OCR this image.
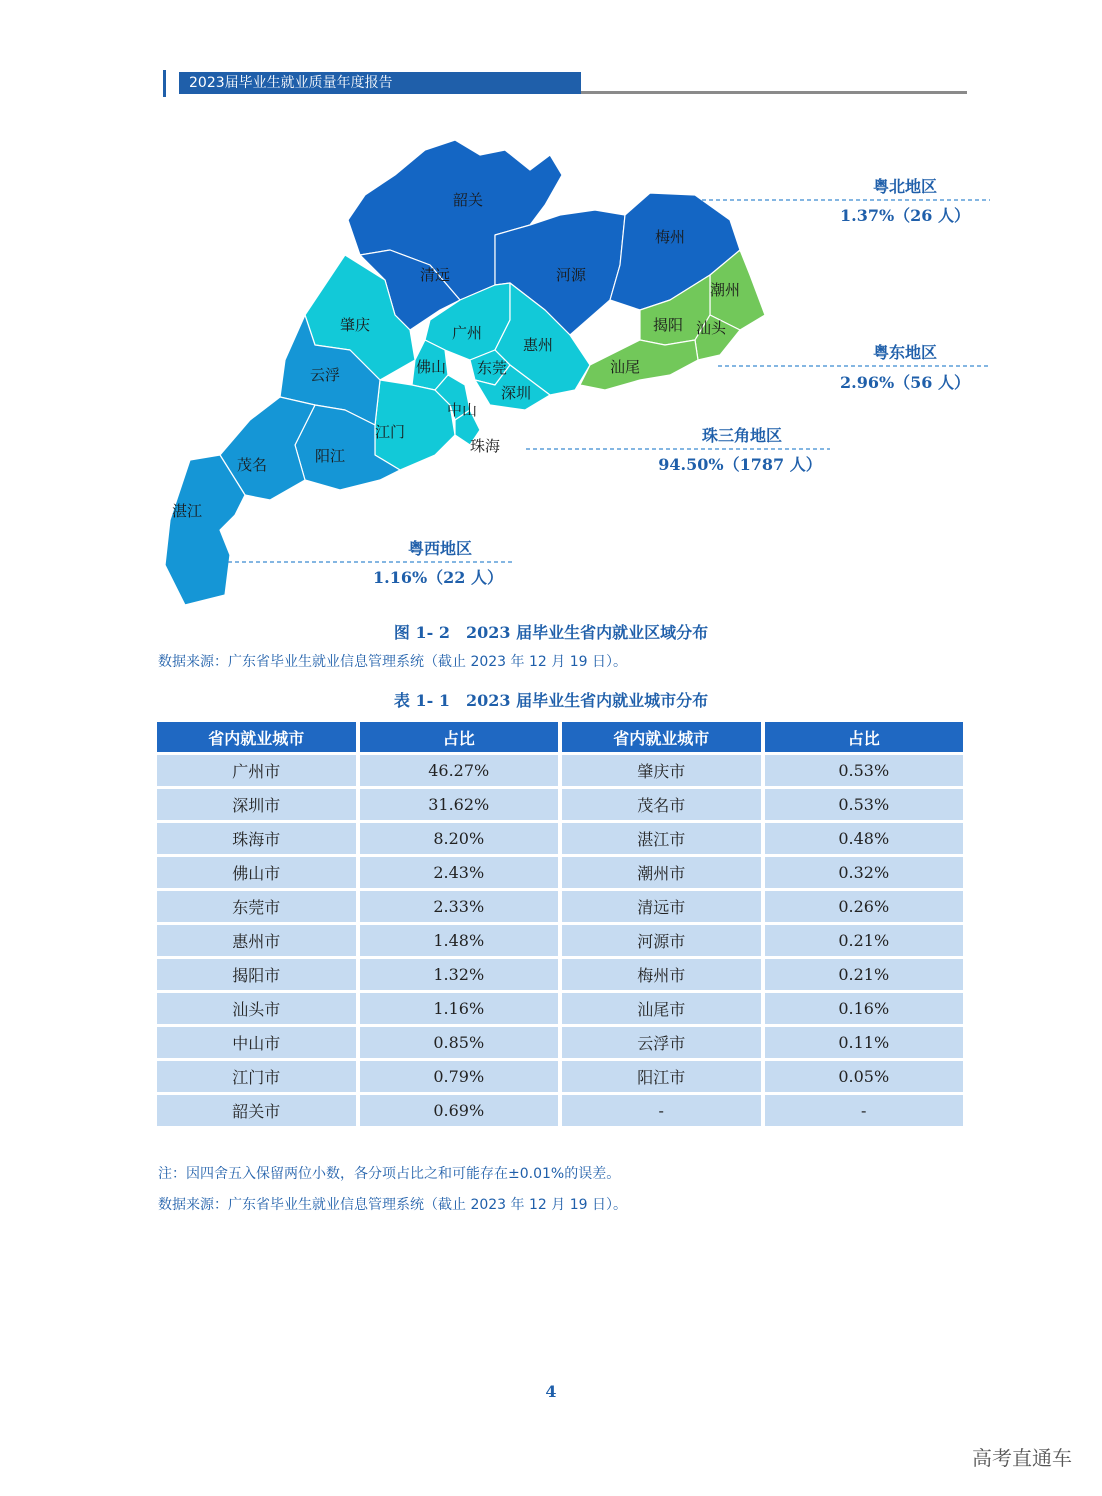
2023届毕业生就业质量年度报告
韶关
清远	河源
梅州
潮州
揭阳 汕头
汕尾
肇庆	广州
惠州
佛山 东莞
深圳
云浮
中山
江门
珠海
茂名	阳江
湛江
粤北地区
1.37%（26 人）
粤东地区
2.96%（56 人）
珠三角地区
94.50%（1787 人）
粤西地区
1.16%（22 人）
图 1- 2　2023 届毕业生省内就业区域分布
数据来源：广东省毕业生就业信息管理系统（截止 2023 年 12 月 19 日）。
表 1- 1　2023 届毕业生省内就业城市分布
省内就业城市	占比	省内就业城市	占比
广州市	46.27%	肇庆市	0.53%
深圳市	31.62%	茂名市	0.53%
珠海市	8.20%	湛江市	0.48%
佛山市	2.43%	潮州市	0.32%
东莞市	2.33%	清远市	0.26%
惠州市	1.48%	河源市	0.21%
揭阳市	1.32%	梅州市	0.21%
汕头市	1.16%	汕尾市	0.16%
中山市	0.85%	云浮市	0.11%
江门市	0.79%	阳江市	0.05%
韶关市	0.69%	-	-
注：因四舍五入保留两位小数，各分项占比之和可能存在±0.01%的误差。
数据来源：广东省毕业生就业信息管理系统（截止 2023 年 12 月 19 日）。
4
高考直通车
